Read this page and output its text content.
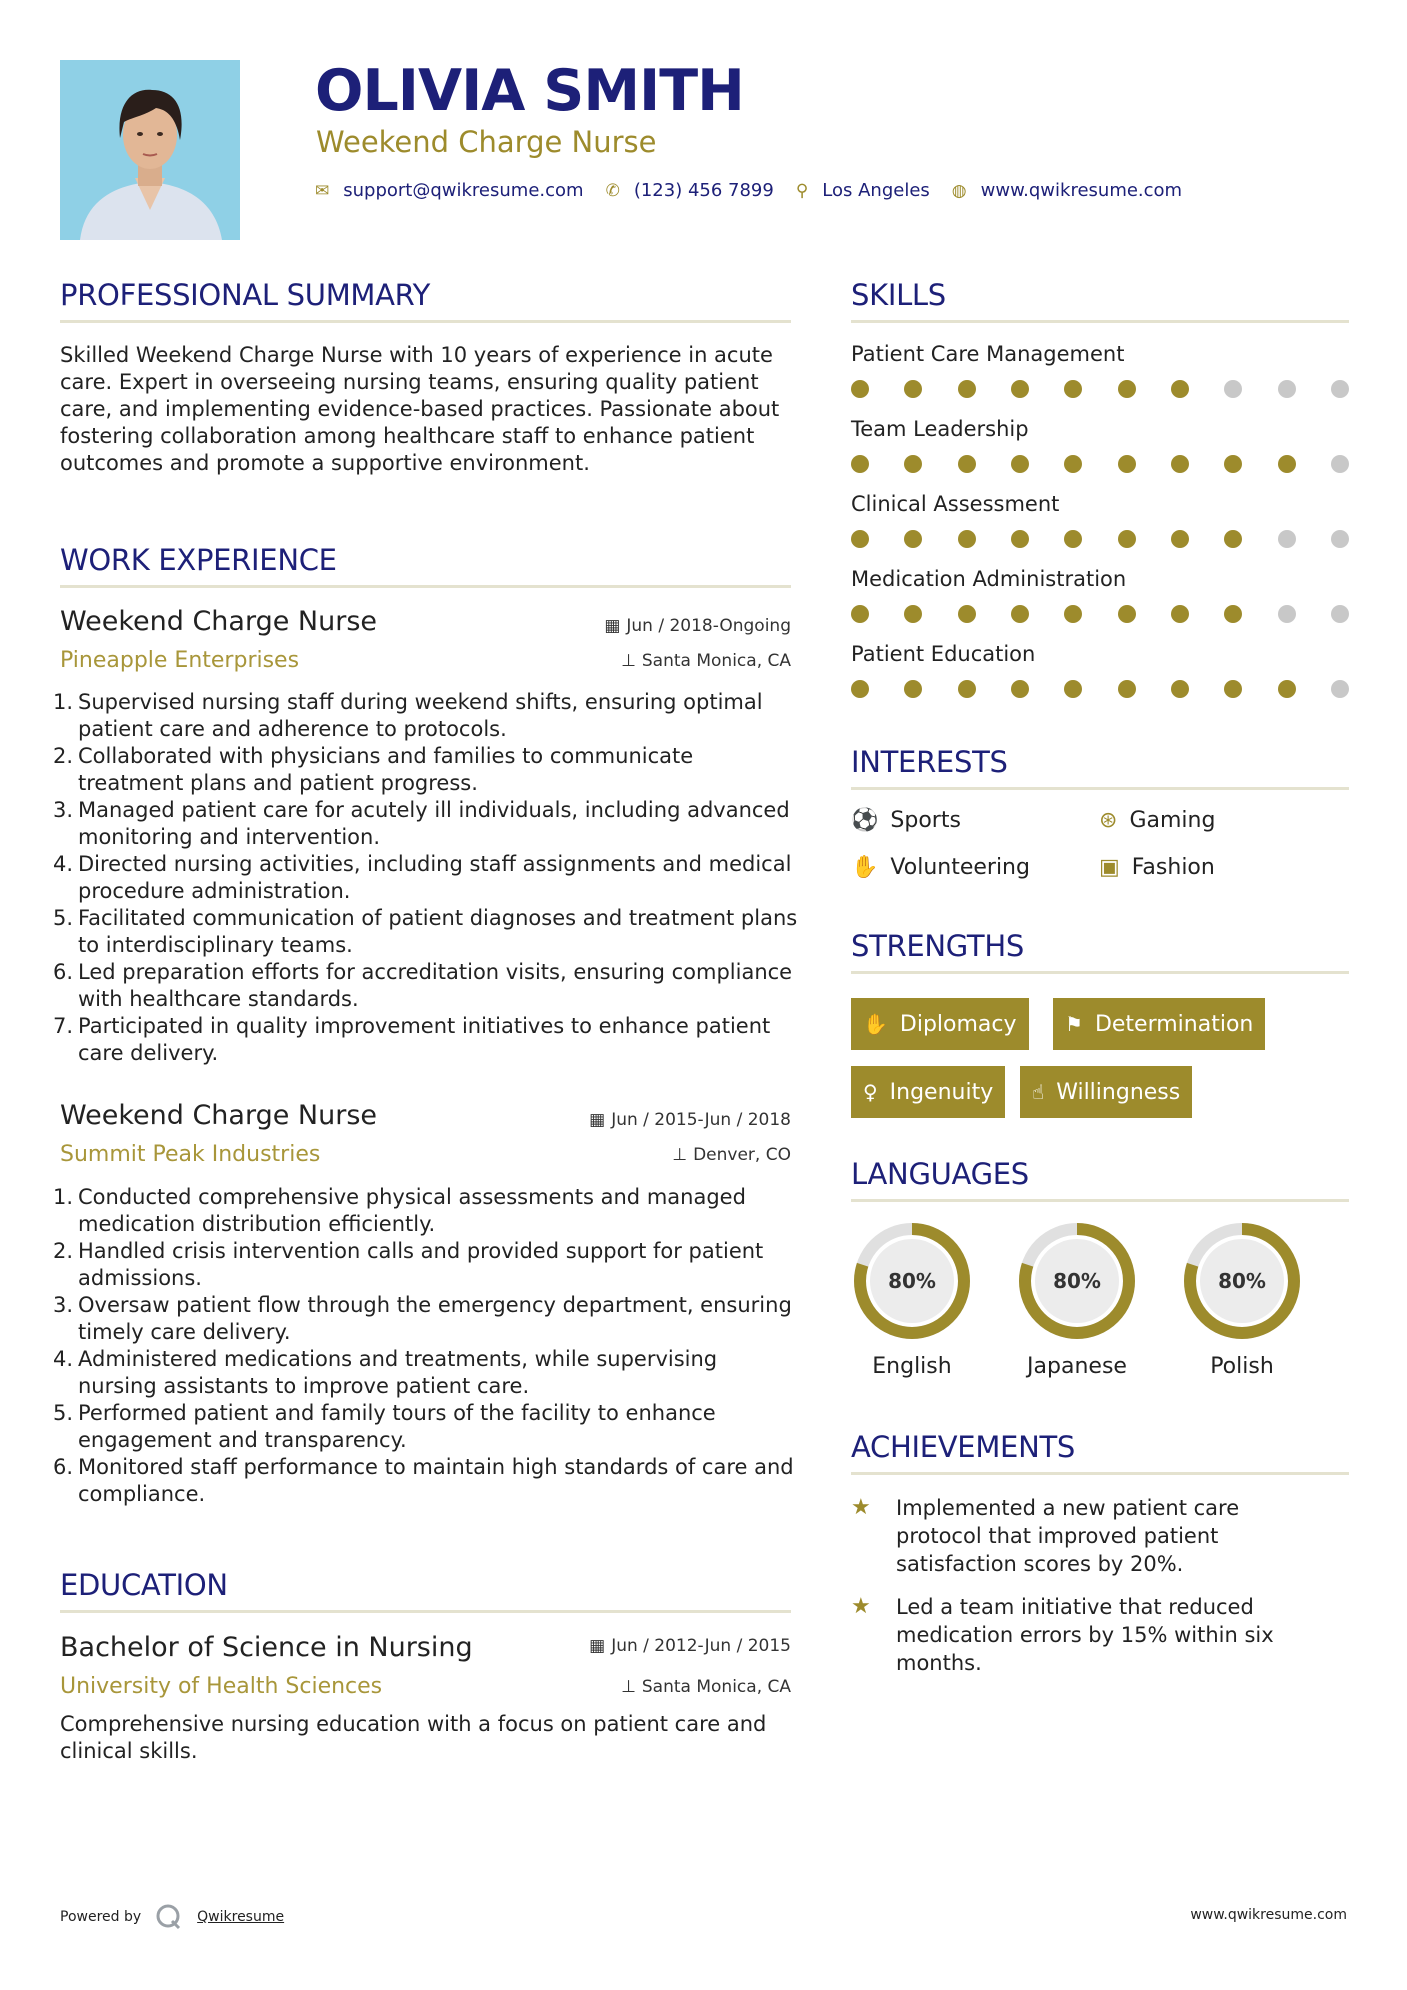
OLIVIA SMITH
Weekend Charge Nurse
✉ support@qwikresume.com ✆ (123) 456 7899 ⚲ Los Angeles ◍ www.qwikresume.com
PROFESSIONAL SUMMARY
Skilled Weekend Charge Nurse with 10 years of experience in acute care. Expert in overseeing nursing teams, ensuring quality patient care, and implementing evidence-based practices. Passionate about fostering collaboration among healthcare staff to enhance patient outcomes and promote a supportive environment.
WORK EXPERIENCE
Weekend Charge Nurse	▦ Jun / 2018-Ongoing
Pineapple Enterprises	⊥ Santa Monica, CA
1. Supervised nursing staff during weekend shifts, ensuring optimal patient care and adherence to protocols.
2. Collaborated with physicians and families to communicate treatment plans and patient progress.
3. Managed patient care for acutely ill individuals, including advanced monitoring and intervention.
4. Directed nursing activities, including staff assignments and medical procedure administration.
5. Facilitated communication of patient diagnoses and treatment plans to interdisciplinary teams.
6. Led preparation efforts for accreditation visits, ensuring compliance with healthcare standards.
7. Participated in quality improvement initiatives to enhance patient care delivery.
Weekend Charge Nurse	▦ Jun / 2015-Jun / 2018
Summit Peak Industries	⊥ Denver, CO
1. Conducted comprehensive physical assessments and managed medication distribution efficiently.
2. Handled crisis intervention calls and provided support for patient admissions.
3. Oversaw patient flow through the emergency department, ensuring timely care delivery.
4. Administered medications and treatments, while supervising nursing assistants to improve patient care.
5. Performed patient and family tours of the facility to enhance engagement and transparency.
6. Monitored staff performance to maintain high standards of care and compliance.
EDUCATION
Bachelor of Science in Nursing	▦ Jun / 2012-Jun / 2015
University of Health Sciences	⊥ Santa Monica, CA
Comprehensive nursing education with a focus on patient care and clinical skills.
SKILLS
Patient Care Management
Team Leadership
Clinical Assessment
Medication Administration
Patient Education
INTERESTS
⚽ Sports	⊛ Gaming
✋ Volunteering	▣ Fashion
STRENGTHS
✋ Diplomacy ⚑ Determination
♀ Ingenuity ☝ Willingness
LANGUAGES
80%
English
80%
Japanese
80%
Polish
ACHIEVEMENTS
★ Implemented a new patient care protocol that improved patient satisfaction scores by 20%.
★ Led a team initiative that reduced medication errors by 15% within six months.
Powered by	Qwikresume	www.qwikresume.com
